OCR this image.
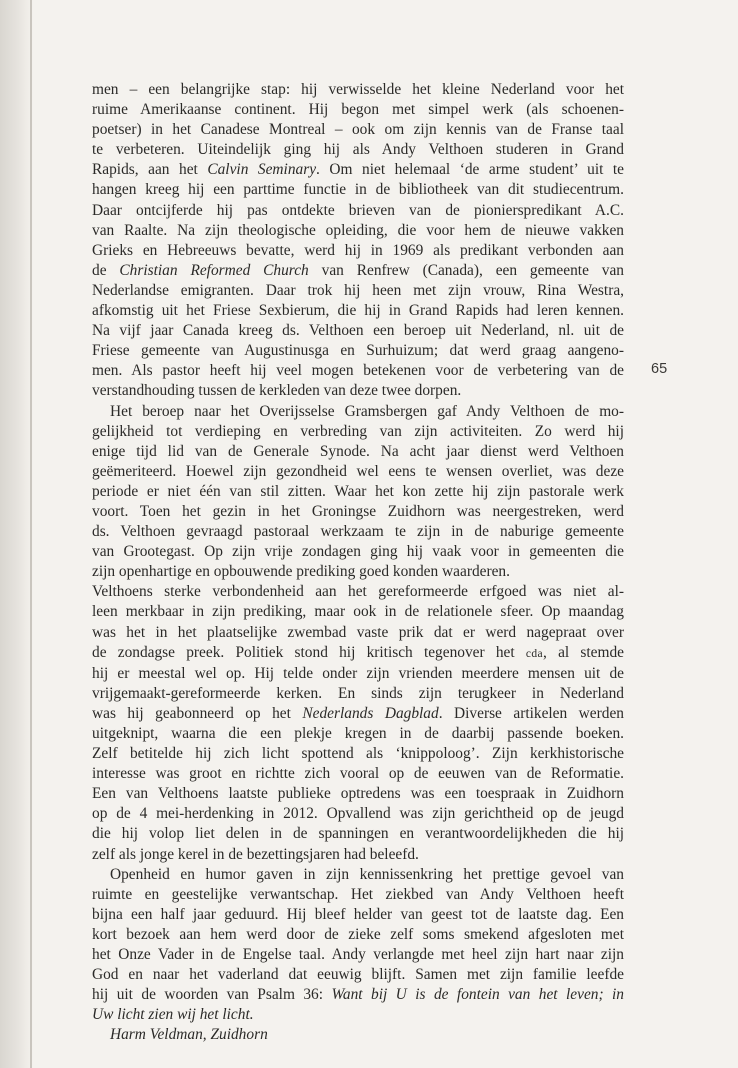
65

men – een belangrijke stap: hij verwisselde het kleine Nederland voor het
ruime Amerikaanse continent. Hij begon met simpel werk (als schoenen-
poetser) in het Canadese Montreal – ook om zijn kennis van de Franse taal
te verbeteren. Uiteindelijk ging hij als Andy Velthoen studeren in Grand
Rapids, aan het Calvin Seminary. Om niet helemaal ‘de arme student’ uit te
hangen kreeg hij een parttime functie in de bibliotheek van dit studiecentrum.
Daar ontcijferde hij pas ontdekte brieven van de pionierspredikant A.C.
van Raalte. Na zijn theologische opleiding, die voor hem de nieuwe vakken
Grieks en Hebreeuws bevatte, werd hij in 1969 als predikant verbonden aan
de Christian Reformed Church van Renfrew (Canada), een gemeente van
Nederlandse emigranten. Daar trok hij heen met zijn vrouw, Rina Westra,
afkomstig uit het Friese Sexbierum, die hij in Grand Rapids had leren kennen.
Na vijf jaar Canada kreeg ds. Velthoen een beroep uit Nederland, nl. uit de
Friese gemeente van Augustinusga en Surhuizum; dat werd graag aangeno-
men. Als pastor heeft hij veel mogen betekenen voor de verbetering van de
verstandhouding tussen de kerkleden van deze twee dorpen.

Het beroep naar het Overijsselse Gramsbergen gaf Andy Velthoen de mo-
gelijkheid tot verdieping en verbreding van zijn activiteiten. Zo werd hij
enige tijd lid van de Generale Synode. Na acht jaar dienst werd Velthoen
geëmeriteerd. Hoewel zijn gezondheid wel eens te wensen overliet, was deze
periode er niet één van stil zitten. Waar het kon zette hij zijn pastorale werk
voort. Toen het gezin in het Groningse Zuidhorn was neergestreken, werd
ds. Velthoen gevraagd pastoraal werkzaam te zijn in de naburige gemeente
van Grootegast. Op zijn vrije zondagen ging hij vaak voor in gemeenten die
zijn openhartige en opbouwende prediking goed konden waarderen.

Velthoens sterke verbondenheid aan het gereformeerde erfgoed was niet al-
leen merkbaar in zijn prediking, maar ook in de relationele sfeer. Op maandag
was het in het plaatselijke zwembad vaste prik dat er werd nagepraat over
de zondagse preek. Politiek stond hij kritisch tegenover het cda, al stemde
hij er meestal wel op. Hij telde onder zijn vrienden meerdere mensen uit de
vrijgemaakt-gereformeerde kerken. En sinds zijn terugkeer in Nederland
was hij geabonneerd op het Nederlands Dagblad. Diverse artikelen werden
uitgeknipt, waarna die een plekje kregen in de daarbij passende boeken.
Zelf betitelde hij zich licht spottend als ‘knippoloog’. Zijn kerkhistorische
interesse was groot en richtte zich vooral op de eeuwen van de Reformatie.
Een van Velthoens laatste publieke optredens was een toespraak in Zuidhorn
op de 4 mei-herdenking in 2012. Opvallend was zijn gerichtheid op de jeugd
die hij volop liet delen in de spanningen en verantwoordelijkheden die hij
zelf als jonge kerel in de bezettingsjaren had beleefd.

Openheid en humor gaven in zijn kennissenkring het prettige gevoel van
ruimte en geestelijke verwantschap. Het ziekbed van Andy Velthoen heeft
bijna een half jaar geduurd. Hij bleef helder van geest tot de laatste dag. Een
kort bezoek aan hem werd door de zieke zelf soms smekend afgesloten met
het Onze Vader in de Engelse taal. Andy verlangde met heel zijn hart naar zijn
God en naar het vaderland dat eeuwig blijft. Samen met zijn familie leefde
hij uit de woorden van Psalm 36: Want bij U is de fontein van het leven; in
Uw licht zien wij het licht.
Harm Veldman, Zuidhorn
